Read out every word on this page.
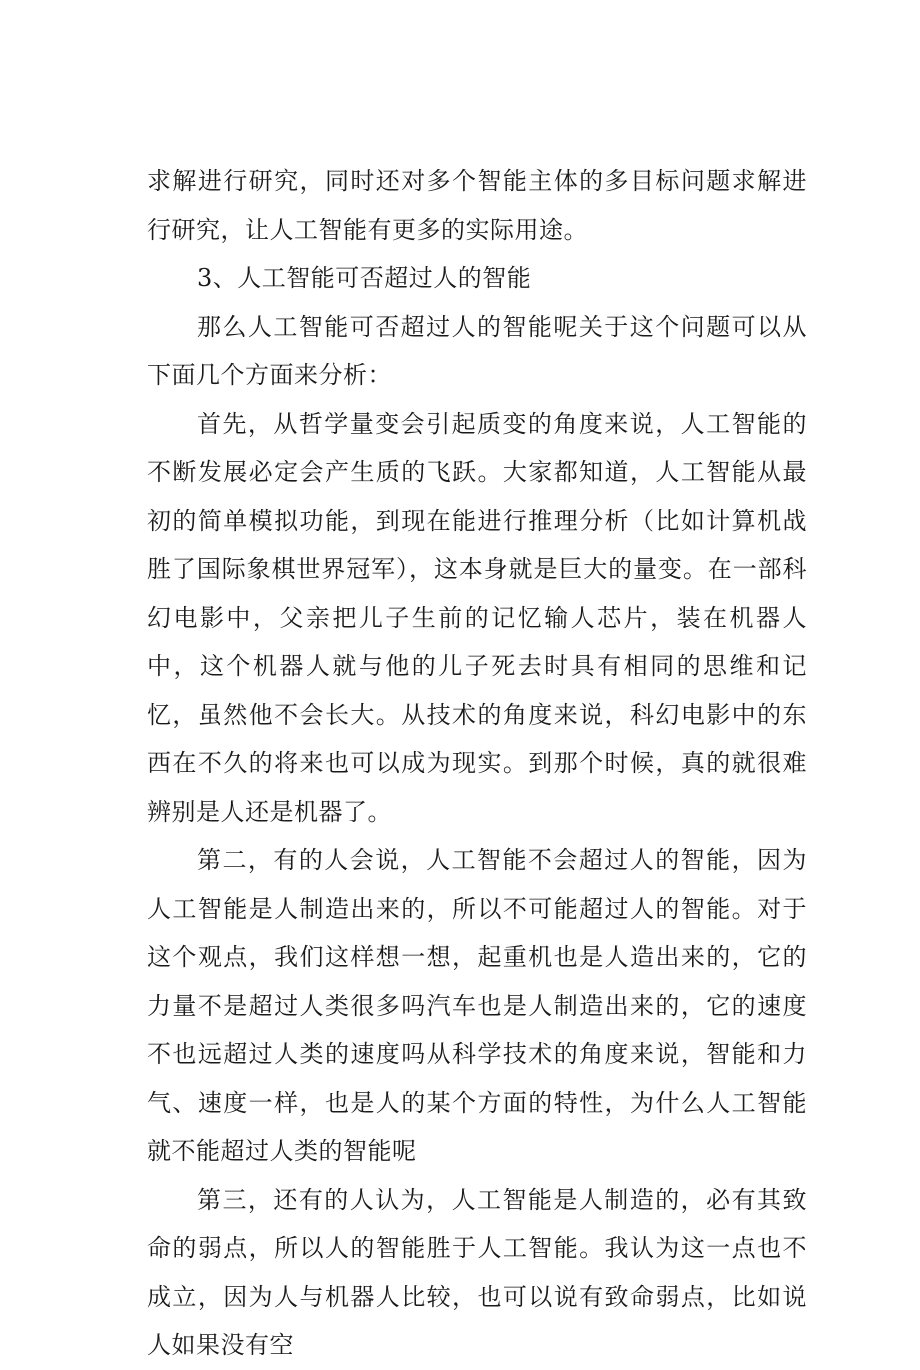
求解进行研究，同时还对多个智能主体的多目标问题求解进行研究，让人工智能有更多的实际用途。

3、人工智能可否超过人的智能

那么人工智能可否超过人的智能呢关于这个问题可以从下面几个方面来分析：

首先，从哲学量变会引起质变的角度来说，人工智能的不断发展必定会产生质的飞跃。大家都知道，人工智能从最初的简单模拟功能，到现在能进行推理分析（比如计算机战胜了国际象棋世界冠军），这本身就是巨大的量变。在一部科幻电影中，父亲把儿子生前的记忆输人芯片，装在机器人中，这个机器人就与他的儿子死去时具有相同的思维和记忆，虽然他不会长大。从技术的角度来说，科幻电影中的东西在不久的将来也可以成为现实。到那个时候，真的就很难辨别是人还是机器了。

第二，有的人会说，人工智能不会超过人的智能，因为人工智能是人制造出来的，所以不可能超过人的智能。对于这个观点，我们这样想一想，起重机也是人造出来的，它的力量不是超过人类很多吗汽车也是人制造出来的，它的速度不也远超过人类的速度吗从科学技术的角度来说，智能和力气、速度一样，也是人的某个方面的特性，为什么人工智能就不能超过人类的智能呢

第三，还有的人认为，人工智能是人制造的，必有其致命的弱点，所以人的智能胜于人工智能。我认为这一点也不成立，因为人与机器人比较，也可以说有致命弱点，比如说人如果没有空
